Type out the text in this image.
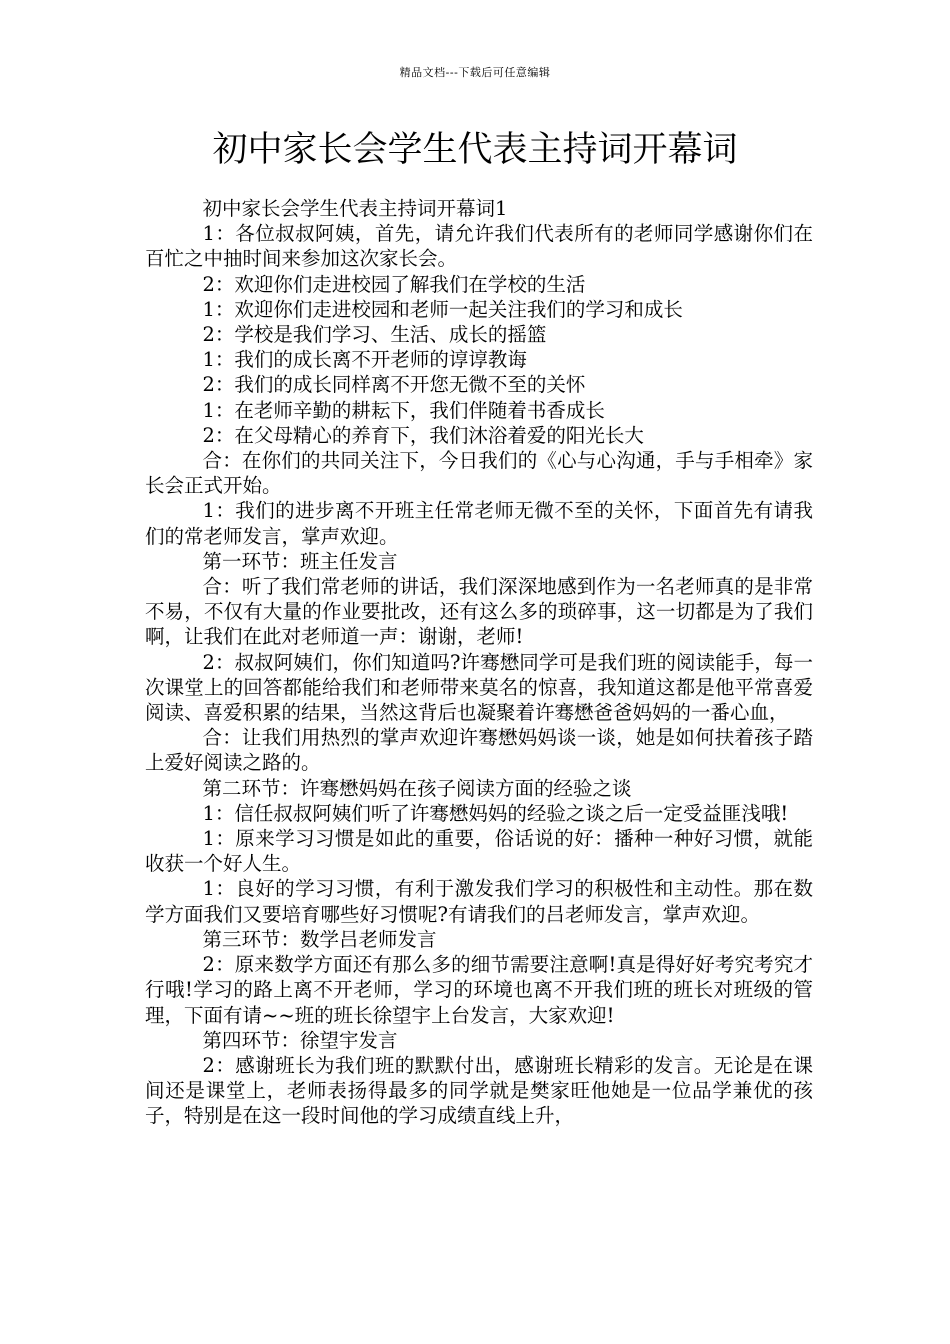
精品文档---下载后可任意编辑
初中家长会学生代表主持词开幕词

初中家长会学生代表主持词开幕词1

1：各位叔叔阿姨，首先，请允许我们代表所有的老师同学感谢你们在百忙之中抽时间来参加这次家长会。

2：欢迎你们走进校园了解我们在学校的生活

1：欢迎你们走进校园和老师一起关注我们的学习和成长

2：学校是我们学习、生活、成长的摇篮

1：我们的成长离不开老师的谆谆教诲

2：我们的成长同样离不开您无微不至的关怀

1：在老师辛勤的耕耘下，我们伴随着书香成长

2：在父母精心的养育下，我们沐浴着爱的阳光长大

合：在你们的共同关注下，今日我们的《心与心沟通，手与手相牵》家长会正式开始。

1：我们的进步离不开班主任常老师无微不至的关怀，下面首先有请我们的常老师发言，掌声欢迎。

第一环节：班主任发言

合：听了我们常老师的讲话，我们深深地感到作为一名老师真的是非常不易，不仅有大量的作业要批改，还有这么多的琐碎事，这一切都是为了我们啊，让我们在此对老师道一声：谢谢，老师!

2：叔叔阿姨们，你们知道吗?许骞懋同学可是我们班的阅读能手，每一次课堂上的回答都能给我们和老师带来莫名的惊喜，我知道这都是他平常喜爱阅读、喜爱积累的结果，当然这背后也凝聚着许骞懋爸爸妈妈的一番心血，

合：让我们用热烈的掌声欢迎许骞懋妈妈谈一谈，她是如何扶着孩子踏上爱好阅读之路的。

第二环节：许骞懋妈妈在孩子阅读方面的经验之谈

1：信任叔叔阿姨们听了许骞懋妈妈的经验之谈之后一定受益匪浅哦!

1：原来学习习惯是如此的重要，俗话说的好：播种一种好习惯，就能收获一个好人生。

1：良好的学习习惯，有利于激发我们学习的积极性和主动性。那在数学方面我们又要培育哪些好习惯呢?有请我们的吕老师发言，掌声欢迎。

第三环节：数学吕老师发言

2：原来数学方面还有那么多的细节需要注意啊!真是得好好考究考究才行哦!学习的路上离不开老师，学习的环境也离不开我们班的班长对班级的管理，下面有请~~班的班长徐望宇上台发言，大家欢迎!

第四环节：徐望宇发言

2：感谢班长为我们班的默默付出，感谢班长精彩的发言。无论是在课间还是课堂上，老师表扬得最多的同学就是樊家旺他她是一位品学兼优的孩子，特别是在这一段时间他的学习成绩直线上升，
